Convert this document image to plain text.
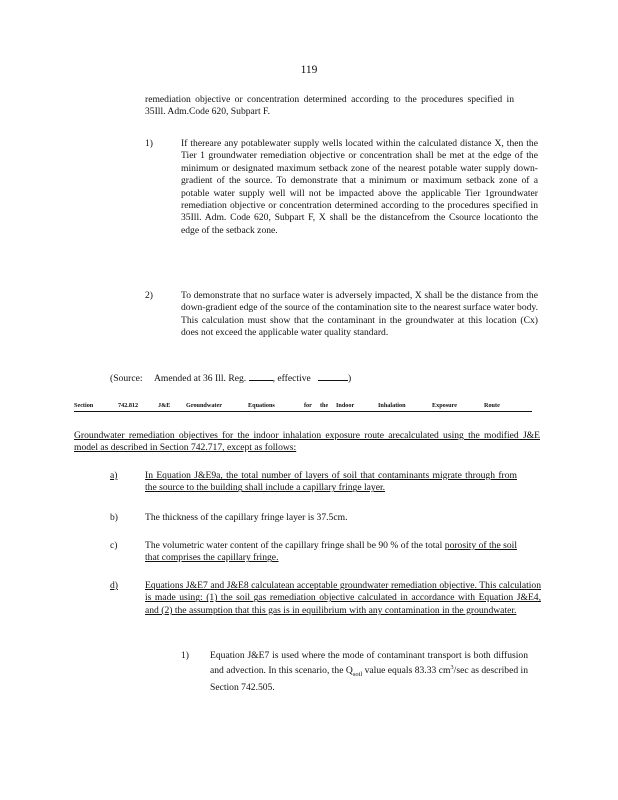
119

remediation objective or concentration determined according to the procedures specified in 35Ill. Adm.Code 620, Subpart F.

1)	If thereare any potablewater supply wells located within the calculated distance X, then the Tier 1 groundwater remediation objective or concentration shall be met at the edge of the minimum or designated maximum setback zone of the nearest potable water supply down-gradient of the source. To demonstrate that a minimum or maximum setback zone of a potable water supply well will not be impacted above the applicable Tier 1groundwater remediation objective or concentration determined according to the procedures specified in 35Ill. Adm. Code 620, Subpart F, X shall be the distancefrom the Csource locationto the edge of the setback zone.

2)	To demonstrate that no surface water is adversely impacted, X shall be the distance from the down-gradient edge of the source of the contamination site to the nearest surface water body. This calculation must show that the contaminant in the groundwater at this location (Cx) does not exceed the applicable water quality standard.

(Source: Amended at 36 Ill. Reg.	, effective	)
Section	742.812	J&E	Groundwater	Equations	for the Indoor	Inhalation	Exposure	Route

Groundwater remediation objectives for the indoor inhalation exposure route arecalculated using the modified J&E model as described in Section 742.717, except as follows:

a)	In Equation J&E9a, the total number of layers of soil that contaminants migrate through from the source to the building shall include a capillary fringe layer.

b)	The thickness of the capillary fringe layer is 37.5cm.

c)	The volumetric water content of the capillary fringe shall be 90 % of the total porosity of the soil that comprises the capillary fringe.

d)	Equations J&E7 and J&E8 calculatean acceptable groundwater remediation objective. This calculation is made using: (1) the soil gas remediation objective calculated in accordance with Equation J&E4, and (2) the assumption that this gas is in equilibrium with any contamination in the groundwater.

1) Equation J&E7 is used where the mode of contaminant transport is both diffusion and advection. In this scenario, the $Q_{soil}$ value equals 83.33 $cm^3/\sec$ as described in Section 742.505.
